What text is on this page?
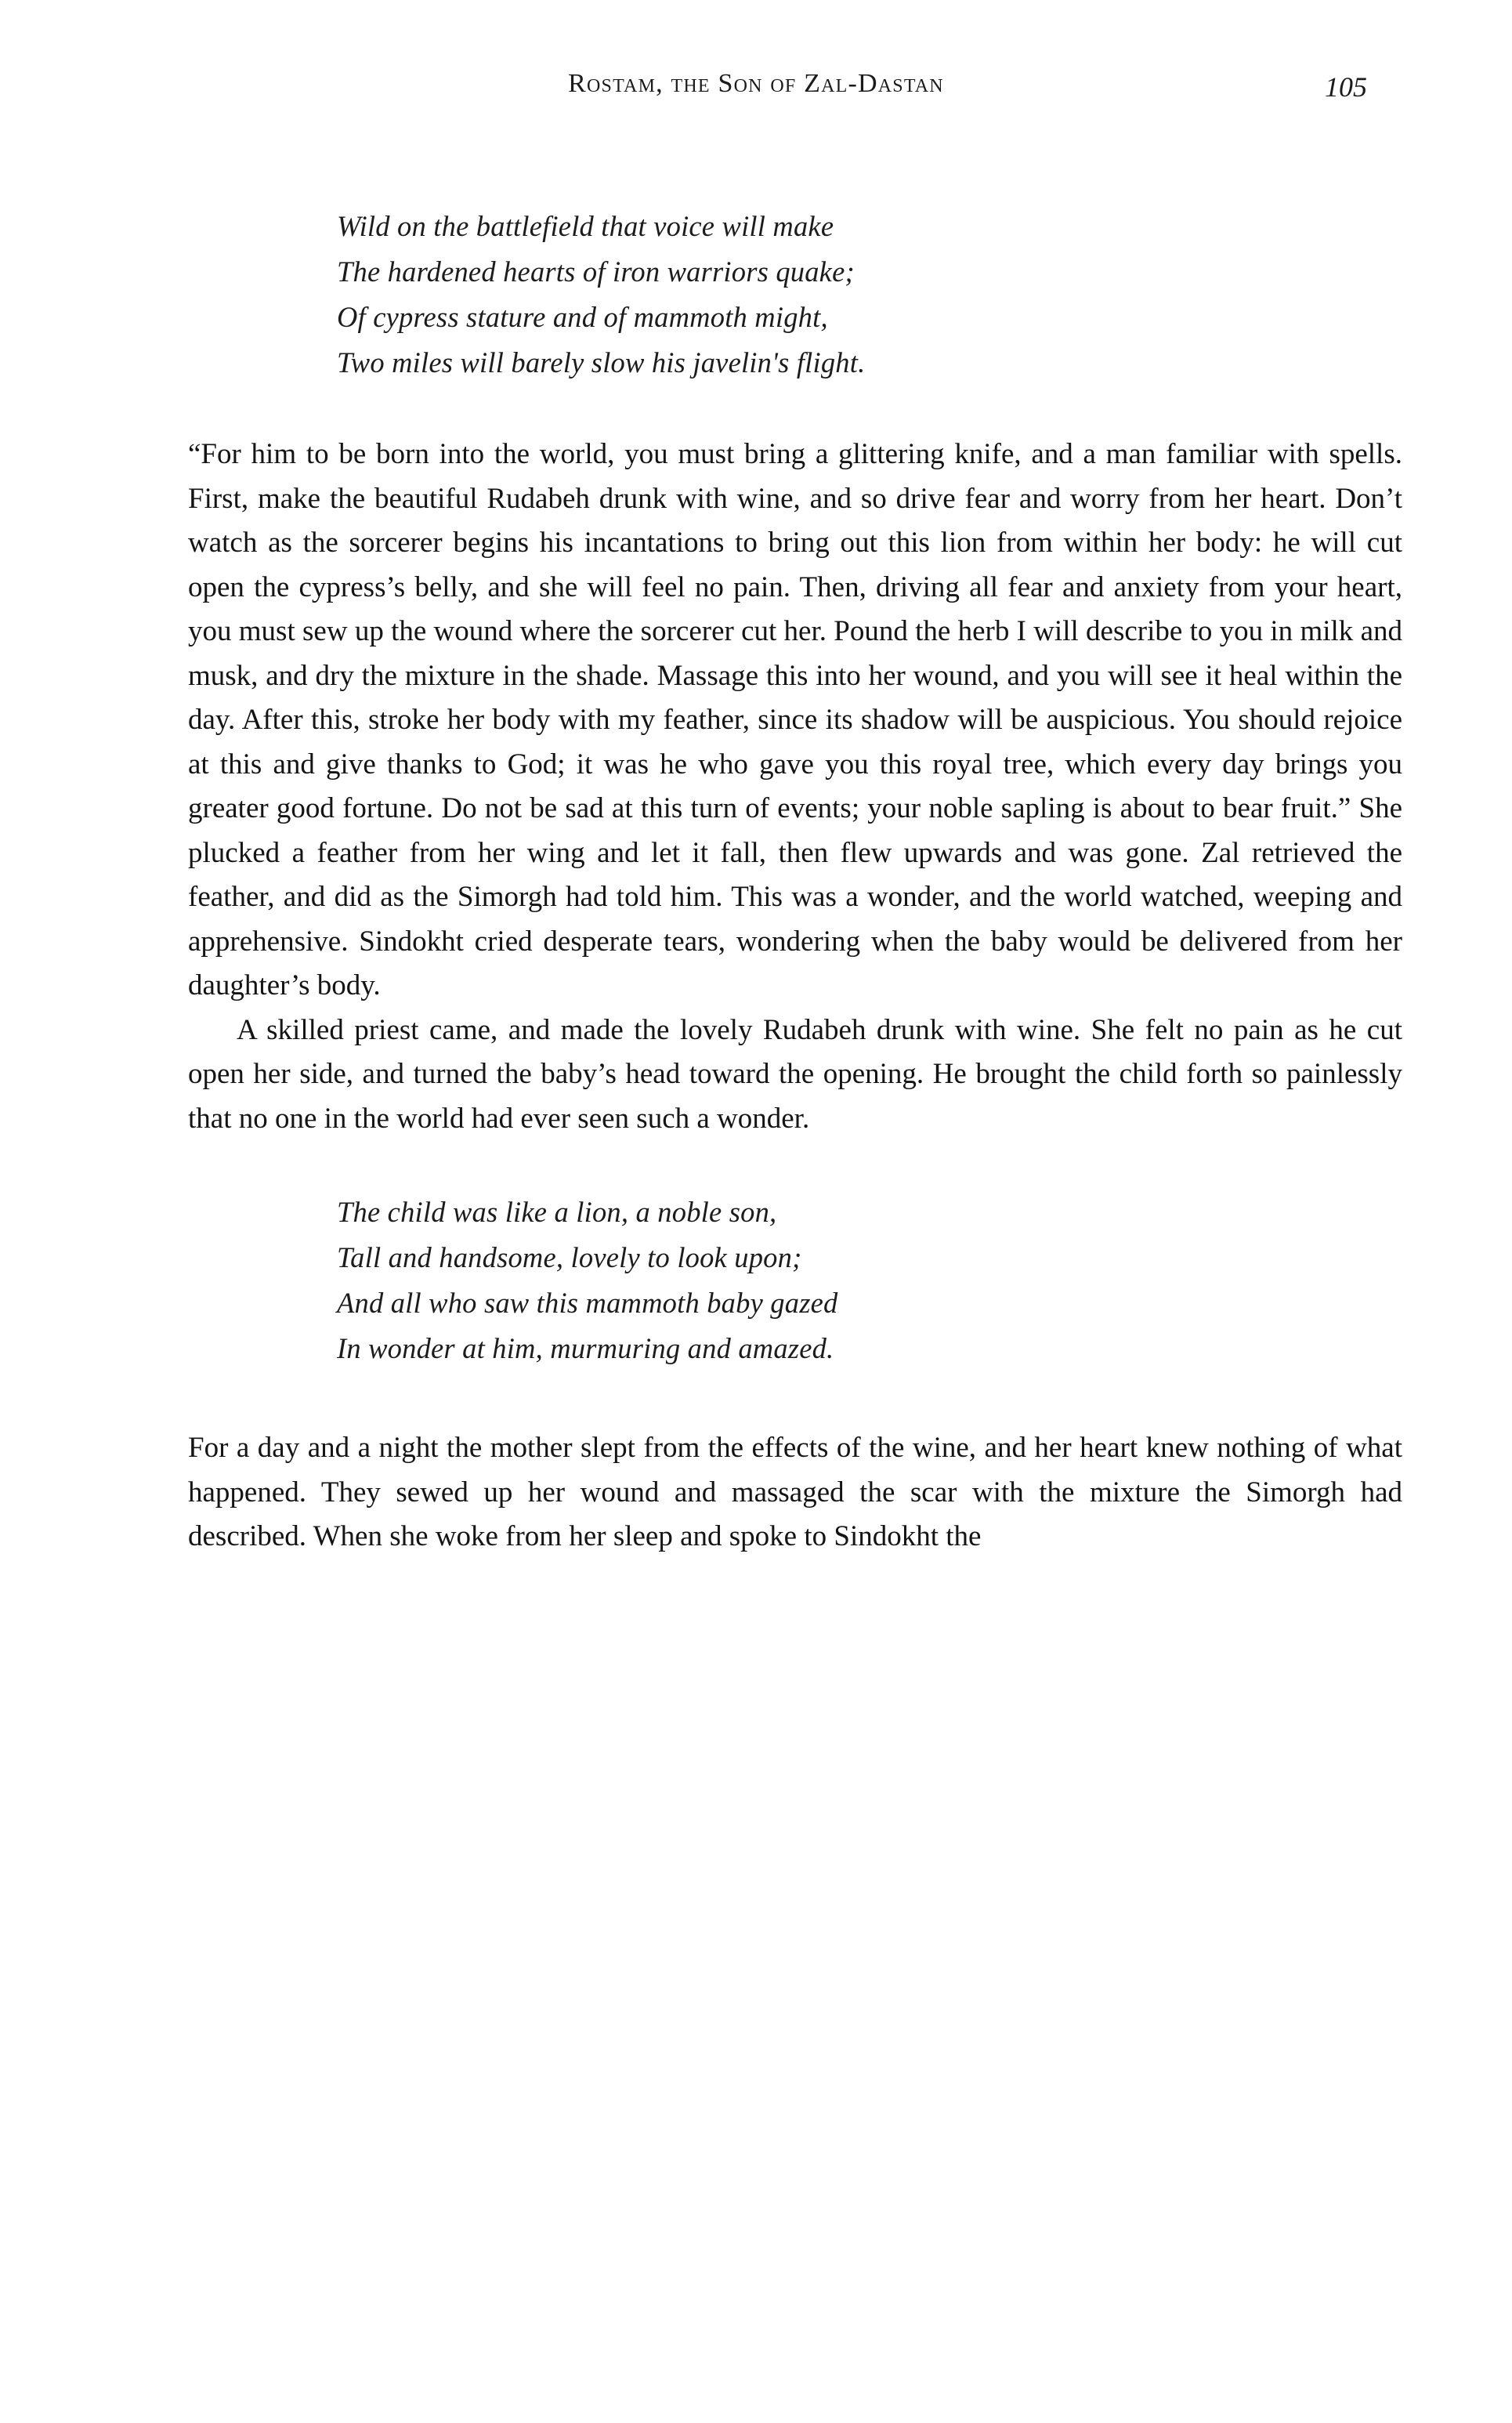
Rostam, the Son of Zal-Dastan	105
Wild on the battlefield that voice will make
The hardened hearts of iron warriors quake;
Of cypress stature and of mammoth might,
Two miles will barely slow his javelin's flight.

“For him to be born into the world, you must bring a glittering knife, and a man familiar with spells. First, make the beautiful Rudabeh drunk with wine, and so drive fear and worry from her heart. Don’t watch as the sorcerer begins his incantations to bring out this lion from within her body: he will cut open the cypress’s belly, and she will feel no pain. Then, driving all fear and anxiety from your heart, you must sew up the wound where the sorcerer cut her. Pound the herb I will describe to you in milk and musk, and dry the mixture in the shade. Massage this into her wound, and you will see it heal within the day. After this, stroke her body with my feather, since its shadow will be auspicious. You should rejoice at this and give thanks to God; it was he who gave you this royal tree, which every day brings you greater good fortune. Do not be sad at this turn of events; your noble sapling is about to bear fruit.” She plucked a feather from her wing and let it fall, then flew upwards and was gone. Zal retrieved the feather, and did as the Simorgh had told him. This was a wonder, and the world watched, weeping and apprehensive. Sindokht cried desperate tears, wondering when the baby would be delivered from her daughter’s body.

A skilled priest came, and made the lovely Rudabeh drunk with wine. She felt no pain as he cut open her side, and turned the baby’s head toward the opening. He brought the child forth so painlessly that no one in the world had ever seen such a wonder.

The child was like a lion, a noble son,
Tall and handsome, lovely to look upon;
And all who saw this mammoth baby gazed
In wonder at him, murmuring and amazed.

For a day and a night the mother slept from the effects of the wine, and her heart knew nothing of what happened. They sewed up her wound and massaged the scar with the mixture the Simorgh had described. When she woke from her sleep and spoke to Sindokht the
